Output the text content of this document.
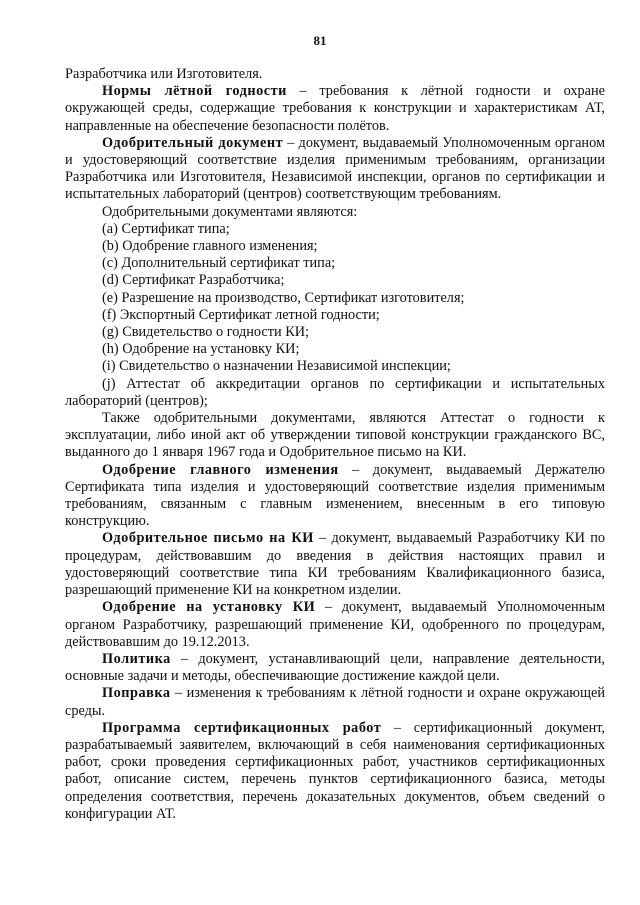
81

Разработчика или Изготовителя.

Нормы лётной годности – требования к лётной годности и охране окружающей среды, содержащие требования к конструкции и характеристикам АТ, направленные на обеспечение безопасности полётов.

Одобрительный документ – документ, выдаваемый Уполномоченным органом и удостоверяющий соответствие изделия применимым требованиям, организации Разработчика или Изготовителя, Независимой инспекции, органов по сертификации и испытательных лабораторий (центров) соответствующим требованиям.

Одобрительными документами являются:

(a) Сертификат типа;
(b) Одобрение главного изменения;
(c) Дополнительный сертификат типа;
(d) Сертификат Разработчика;
(e) Разрешение на производство, Сертификат изготовителя;
(f) Экспортный Сертификат летной годности;
(g) Свидетельство о годности КИ;
(h) Одобрение на установку КИ;
(i) Свидетельство о назначении Независимой инспекции;
(j) Аттестат об аккредитации органов по сертификации и испытательных лабораторий (центров);

Также одобрительными документами, являются Аттестат о годности к эксплуатации, либо иной акт об утверждении типовой конструкции гражданского ВС, выданного до 1 января 1967 года и Одобрительное письмо на КИ.

Одобрение главного изменения – документ, выдаваемый Держателю Сертификата типа изделия и удостоверяющий соответствие изделия применимым требованиям, связанным с главным изменением, внесенным в его типовую конструкцию.

Одобрительное письмо на КИ – документ, выдаваемый Разработчику КИ по процедурам, действовавшим до введения в действия настоящих правил и удостоверяющий соответствие типа КИ требованиям Квалификационного базиса, разрешающий применение КИ на конкретном изделии.

Одобрение на установку КИ – документ, выдаваемый Уполномоченным органом Разработчику, разрешающий применение КИ, одобренного по процедурам, действовавшим до 19.12.2013.

Политика – документ, устанавливающий цели, направление деятельности, основные задачи и методы, обеспечивающие достижение каждой цели.

Поправка – изменения к требованиям к лётной годности и охране окружающей среды.

Программа сертификационных работ – сертификационный документ, разрабатываемый заявителем, включающий в себя наименования сертификационных работ, сроки проведения сертификационных работ, участников сертификационных работ, описание систем, перечень пунктов сертификационного базиса, методы определения соответствия, перечень доказательных документов, объем сведений о конфигурации АТ.
